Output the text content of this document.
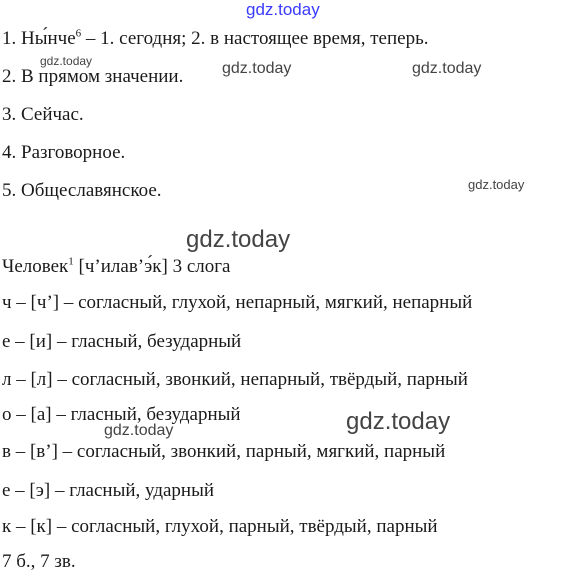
gdz.today
gdz.today	gdz.today	gdz.today
gdz.today
gdz.today
gdz.today
gdz.today
1. Ны́нче$^6$ – 1. сегодня; 2. в настоящее время, теперь.
2. В прямом значении.
3. Сейчас.
4. Разговорное.
5. Общеславянское.
Человек$^1$ [ч’илав’э́к] 3 слога
ч – [ч’] – согласный, глухой, непарный, мягкий, непарный
е – [и] – гласный, безударный
л – [л] – согласный, звонкий, непарный, твёрдый, парный
о – [а] – гласный, безударный
в – [в’] – согласный, звонкий, парный, мягкий, парный
е – [э] – гласный, ударный
к – [к] – согласный, глухой, парный, твёрдый, парный
7 б., 7 зв.
